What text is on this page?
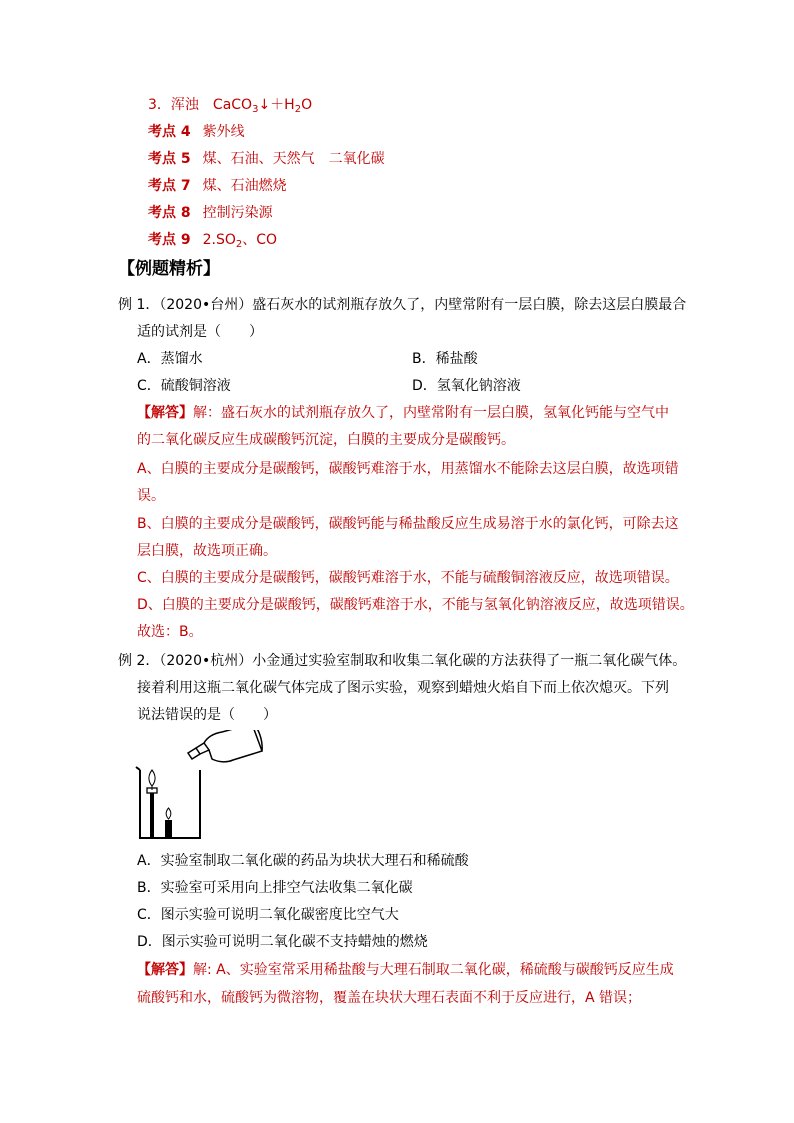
3．浑浊 $CaCO_3↓+H_2O$
考点 4 紫外线
考点 5 煤、石油、天然气　二氧化碳
考点 7 煤、石油燃烧
考点 8 控制污染源
考点 9 $2.SO_2$、CO
【例题精析】
例 1．（2020•台州）盛石灰水的试剂瓶存放久了，内壁常附有一层白膜，除去这层白膜最合
适的试剂是（　　）
A．蒸馏水	B．稀盐酸
C．硫酸铜溶液	D．氢氧化钠溶液
【解答】解：盛石灰水的试剂瓶存放久了，内壁常附有一层白膜，氢氧化钙能与空气中
的二氧化碳反应生成碳酸钙沉淀，白膜的主要成分是碳酸钙。
A、白膜的主要成分是碳酸钙，碳酸钙难溶于水，用蒸馏水不能除去这层白膜，故选项错
误。
B、白膜的主要成分是碳酸钙，碳酸钙能与稀盐酸反应生成易溶于水的氯化钙，可除去这
层白膜，故选项正确。
C、白膜的主要成分是碳酸钙，碳酸钙难溶于水，不能与硫酸铜溶液反应，故选项错误。
D、白膜的主要成分是碳酸钙，碳酸钙难溶于水，不能与氢氧化钠溶液反应，故选项错误。
故选：B。
例 2．（2020•杭州）小金通过实验室制取和收集二氧化碳的方法获得了一瓶二氧化碳气体。
接着利用这瓶二氧化碳气体完成了图示实验，观察到蜡烛火焰自下而上依次熄灭。下列
说法错误的是（　　）
A．实验室制取二氧化碳的药品为块状大理石和稀硫酸
B．实验室可采用向上排空气法收集二氧化碳
C．图示实验可说明二氧化碳密度比空气大
D．图示实验可说明二氧化碳不支持蜡烛的燃烧
【解答】解: A、实验室常采用稀盐酸与大理石制取二氧化碳，稀硫酸与碳酸钙反应生成
硫酸钙和水，硫酸钙为微溶物，覆盖在块状大理石表面不利于反应进行，A 错误；
